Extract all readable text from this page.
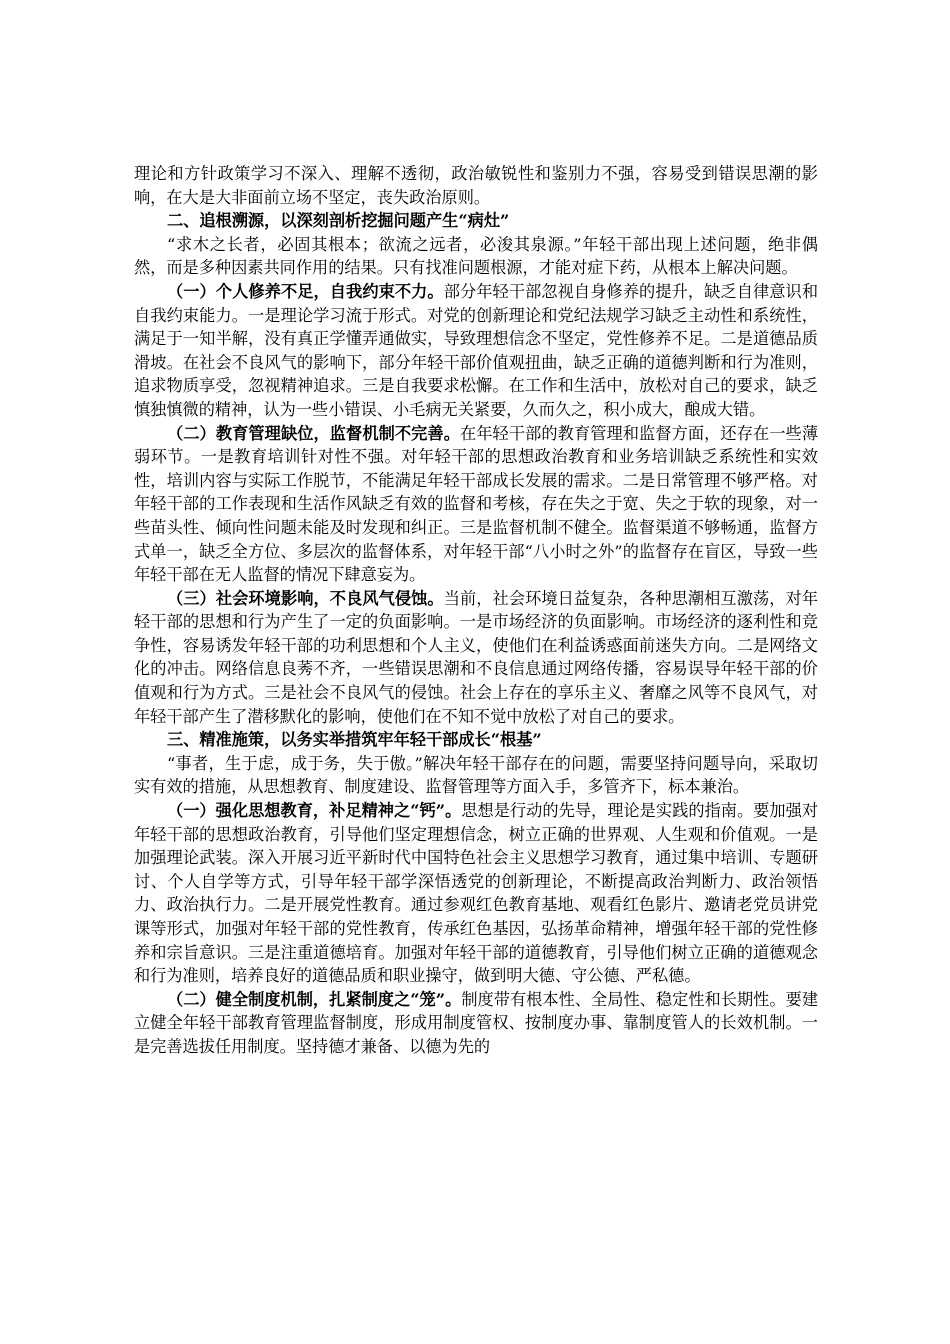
理论和方针政策学习不深入、理解不透彻，政治敏锐性和鉴别力不强，容易受到错误思潮的影响，在大是大非面前立场不坚定，丧失政治原则。

二、追根溯源，以深刻剖析挖掘问题产生“病灶”

“求木之长者，必固其根本；欲流之远者，必浚其泉源。”年轻干部出现上述问题，绝非偶然，而是多种因素共同作用的结果。只有找准问题根源，才能对症下药，从根本上解决问题。

（一）个人修养不足，自我约束不力。部分年轻干部忽视自身修养的提升，缺乏自律意识和自我约束能力。一是理论学习流于形式。对党的创新理论和党纪法规学习缺乏主动性和系统性，满足于一知半解，没有真正学懂弄通做实，导致理想信念不坚定，党性修养不足。二是道德品质滑坡。在社会不良风气的影响下，部分年轻干部价值观扭曲，缺乏正确的道德判断和行为准则，追求物质享受，忽视精神追求。三是自我要求松懈。在工作和生活中，放松对自己的要求，缺乏慎独慎微的精神，认为一些小错误、小毛病无关紧要，久而久之，积小成大，酿成大错。

（二）教育管理缺位，监督机制不完善。在年轻干部的教育管理和监督方面，还存在一些薄弱环节。一是教育培训针对性不强。对年轻干部的思想政治教育和业务培训缺乏系统性和实效性，培训内容与实际工作脱节，不能满足年轻干部成长发展的需求。二是日常管理不够严格。对年轻干部的工作表现和生活作风缺乏有效的监督和考核，存在失之于宽、失之于软的现象，对一些苗头性、倾向性问题未能及时发现和纠正。三是监督机制不健全。监督渠道不够畅通，监督方式单一，缺乏全方位、多层次的监督体系，对年轻干部“八小时之外”的监督存在盲区，导致一些年轻干部在无人监督的情况下肆意妄为。

（三）社会环境影响，不良风气侵蚀。当前，社会环境日益复杂，各种思潮相互激荡，对年轻干部的思想和行为产生了一定的负面影响。一是市场经济的负面影响。市场经济的逐利性和竞争性，容易诱发年轻干部的功利思想和个人主义，使他们在利益诱惑面前迷失方向。二是网络文化的冲击。网络信息良莠不齐，一些错误思潮和不良信息通过网络传播，容易误导年轻干部的价值观和行为方式。三是社会不良风气的侵蚀。社会上存在的享乐主义、奢靡之风等不良风气，对年轻干部产生了潜移默化的影响，使他们在不知不觉中放松了对自己的要求。

三、精准施策，以务实举措筑牢年轻干部成长“根基”

“事者，生于虑，成于务，失于傲。”解决年轻干部存在的问题，需要坚持问题导向，采取切实有效的措施，从思想教育、制度建设、监督管理等方面入手，多管齐下，标本兼治。

（一）强化思想教育，补足精神之“钙”。思想是行动的先导，理论是实践的指南。要加强对年轻干部的思想政治教育，引导他们坚定理想信念，树立正确的世界观、人生观和价值观。一是加强理论武装。深入开展习近平新时代中国特色社会主义思想学习教育，通过集中培训、专题研讨、个人自学等方式，引导年轻干部学深悟透党的创新理论，不断提高政治判断力、政治领悟力、政治执行力。二是开展党性教育。通过参观红色教育基地、观看红色影片、邀请老党员讲党课等形式，加强对年轻干部的党性教育，传承红色基因，弘扬革命精神，增强年轻干部的党性修养和宗旨意识。三是注重道德培育。加强对年轻干部的道德教育，引导他们树立正确的道德观念和行为准则，培养良好的道德品质和职业操守，做到明大德、守公德、严私德。

（二）健全制度机制，扎紧制度之“笼”。制度带有根本性、全局性、稳定性和长期性。要建立健全年轻干部教育管理监督制度，形成用制度管权、按制度办事、靠制度管人的长效机制。一是完善选拔任用制度。坚持德才兼备、以德为先的
